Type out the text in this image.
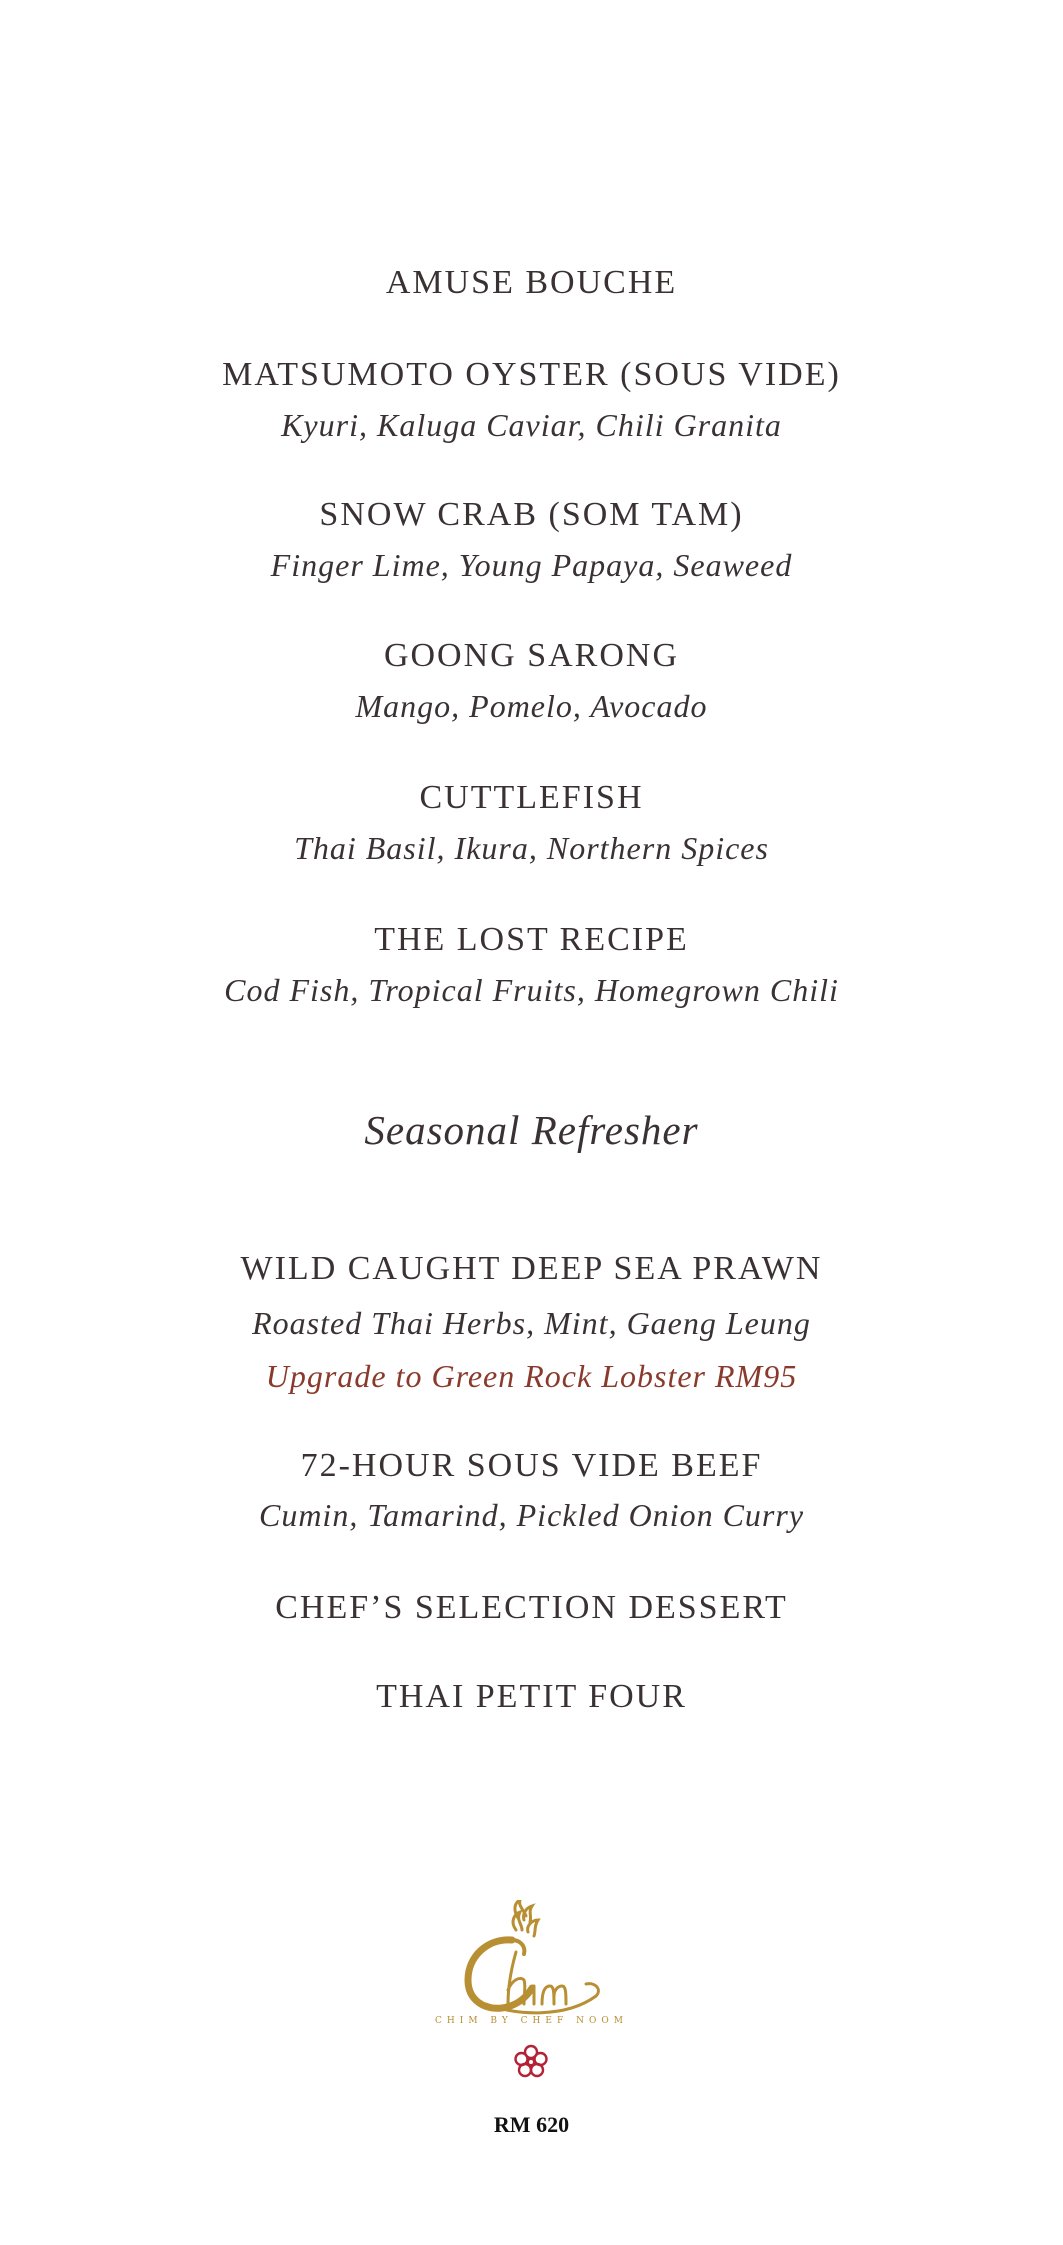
AMUSE BOUCHE
MATSUMOTO OYSTER (SOUS VIDE)
Kyuri, Kaluga Caviar, Chili Granita
SNOW CRAB (SOM TAM)
Finger Lime, Young Papaya, Seaweed
GOONG SARONG
Mango, Pomelo, Avocado
CUTTLEFISH
Thai Basil, Ikura, Northern Spices
THE LOST RECIPE
Cod Fish, Tropical Fruits, Homegrown Chili
Seasonal Refresher
WILD CAUGHT DEEP SEA PRAWN
Roasted Thai Herbs, Mint, Gaeng Leung
Upgrade to Green Rock Lobster RM95
72-HOUR SOUS VIDE BEEF
Cumin, Tamarind, Pickled Onion Curry
CHEF’S SELECTION DESSERT
THAI PETIT FOUR
CHIM BY CHEF NOOM
RM 620
